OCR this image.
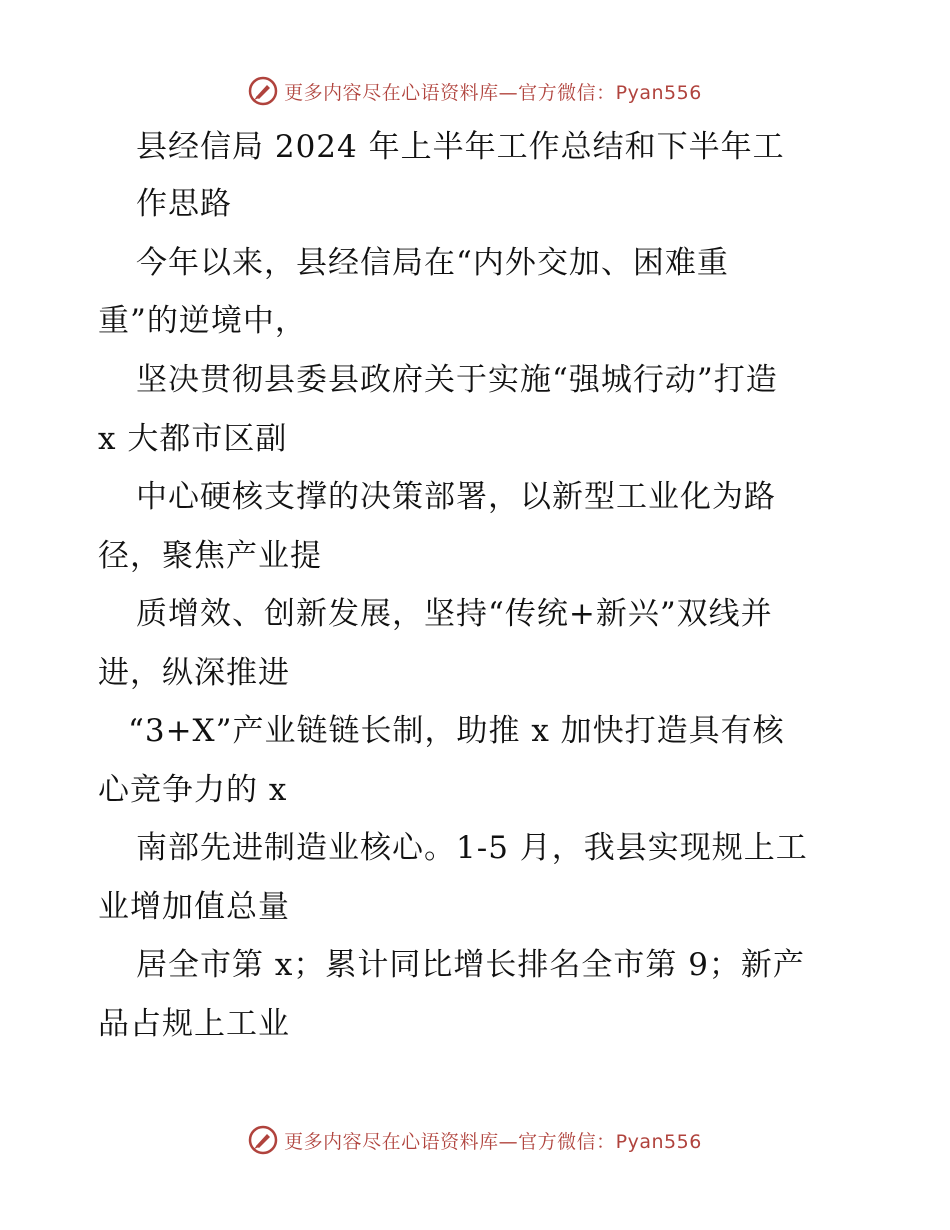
更多内容尽在心语资料库—官方微信：Pyan556
县经信局 2024 年上半年工作总结和下半年工
作思路
今年以来，县经信局在“内外交加、困难重
重”的逆境中，
坚决贯彻县委县政府关于实施“强城行动”打造
x 大都市区副
中心硬核支撑的决策部署，以新型工业化为路
径，聚焦产业提
质增效、创新发展，坚持“传统+新兴”双线并
进，纵深推进
“3+X”产业链链长制，助推 x 加快打造具有核
心竞争力的 x
南部先进制造业核心。1-5 月，我县实现规上工
业增加值总量
居全市第 x；累计同比增长排名全市第 9；新产
品占规上工业
更多内容尽在心语资料库—官方微信：Pyan556
